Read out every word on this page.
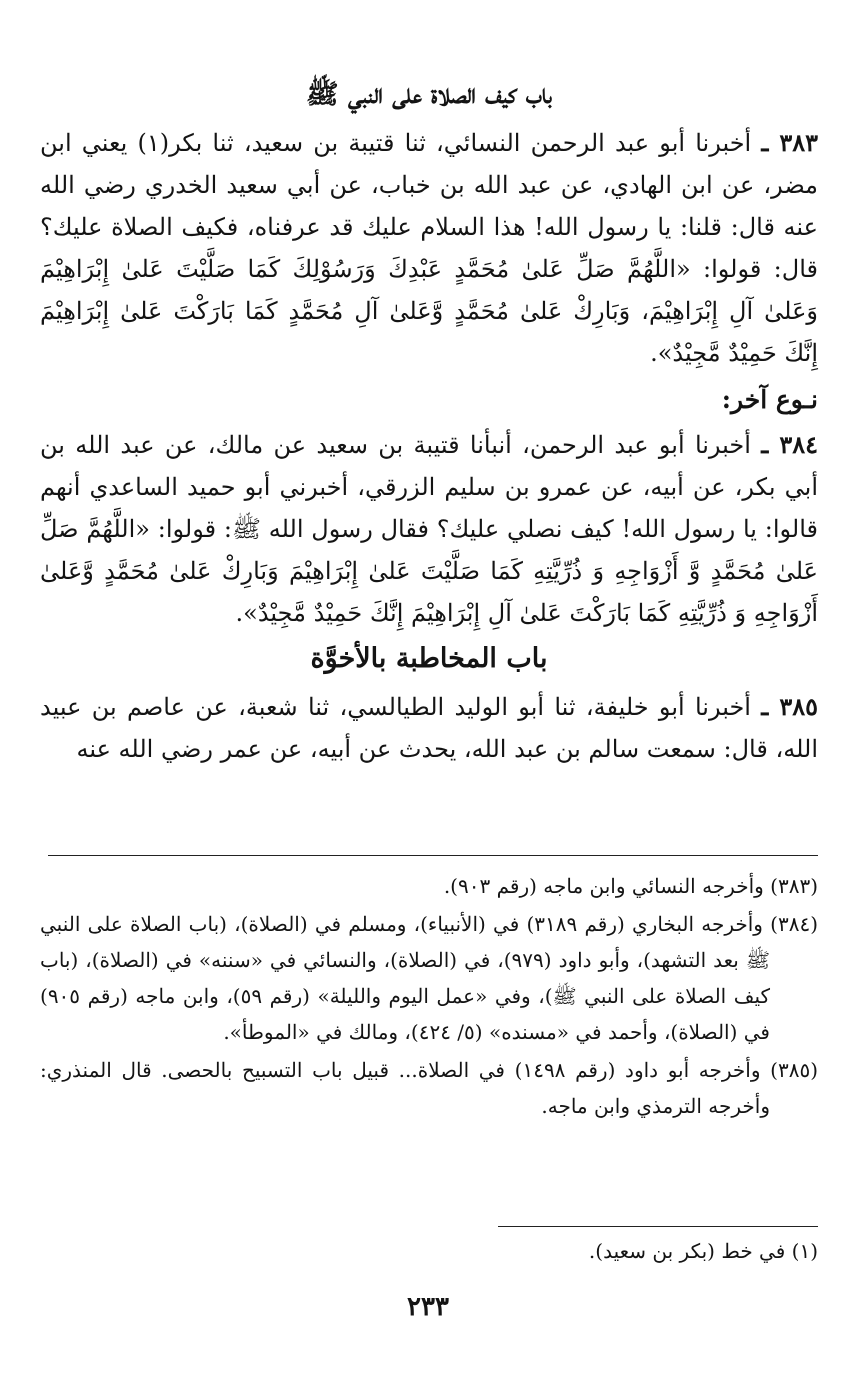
باب كيف الصلاة على النبي ﷺ

٣٨٣ ـ أخبرنا أبو عبد الرحمن النسائي، ثنا قتيبة بن سعيد، ثنا بكر(١) يعني ابن مضر، عن ابن الهادي، عن عبد الله بن خباب، عن أبي سعيد الخدري رضي الله عنه قال: قلنا: يا رسول الله! هذا السلام عليك قد عرفناه، فكيف الصلاة عليك؟ قال: قولوا: «اللَّهُمَّ صَلِّ عَلىٰ مُحَمَّدٍ عَبْدِكَ وَرَسُوْلِكَ كَمَا صَلَّيْتَ عَلىٰ إِبْرَاهِيْمَ وَعَلىٰ آلِ إِبْرَاهِيْمَ، وَبَارِكْ عَلىٰ مُحَمَّدٍ وَّعَلىٰ آلِ مُحَمَّدٍ كَمَا بَارَكْتَ عَلىٰ إِبْرَاهِيْمَ إِنَّكَ حَمِيْدٌ مَّجِيْدٌ».

نـوع آخر:

٣٨٤ ـ أخبرنا أبو عبد الرحمن، أنبأنا قتيبة بن سعيد عن مالك، عن عبد الله بن أبي بكر، عن أبيه، عن عمرو بن سليم الزرقي، أخبرني أبو حميد الساعدي أنهم قالوا: يا رسول الله! كيف نصلي عليك؟ فقال رسول الله ﷺ: قولوا: «اللَّهُمَّ صَلِّ عَلىٰ مُحَمَّدٍ وَّ أَزْوَاجِهِ وَ ذُرِّيَّتِهِ كَمَا صَلَّيْتَ عَلىٰ إِبْرَاهِيْمَ وَبَارِكْ عَلىٰ مُحَمَّدٍ وَّعَلىٰ أَزْوَاجِهِ وَ ذُرِّيَّتِهِ كَمَا بَارَكْتَ عَلىٰ آلِ إِبْرَاهِيْمَ إِنَّكَ حَمِيْدٌ مَّجِيْدٌ».

باب المخاطبة بالأخوَّة

٣٨٥ ـ أخبرنا أبو خليفة، ثنا أبو الوليد الطيالسي، ثنا شعبة، عن عاصم بن عبيد الله، قال: سمعت سالم بن عبد الله، يحدث عن أبيه، عن عمر رضي الله عنه

(٣٨٣) وأخرجه النسائي وابن ماجه (رقم ٩٠٣).

(٣٨٤) وأخرجه البخاري (رقم ٣١٨٩) في (الأنبياء)، ومسلم في (الصلاة)، (باب الصلاة على النبي ﷺ بعد التشهد)، وأبو داود (٩٧٩)، في (الصلاة)، والنسائي في «سننه» في (الصلاة)، (باب كيف الصلاة على النبي ﷺ)، وفي «عمل اليوم والليلة» (رقم ٥٩)، وابن ماجه (رقم ٩٠٥) في (الصلاة)، وأحمد في «مسنده» (٥/ ٤٢٤)، ومالك في «الموطأ».

(٣٨٥) وأخرجه أبو داود (رقم ١٤٩٨) في الصلاة... قبيل باب التسبيح بالحصى. قال المنذري: وأخرجه الترمذي وابن ماجه.

(١) في خط (بكر بن سعيد).
٢٣٣
